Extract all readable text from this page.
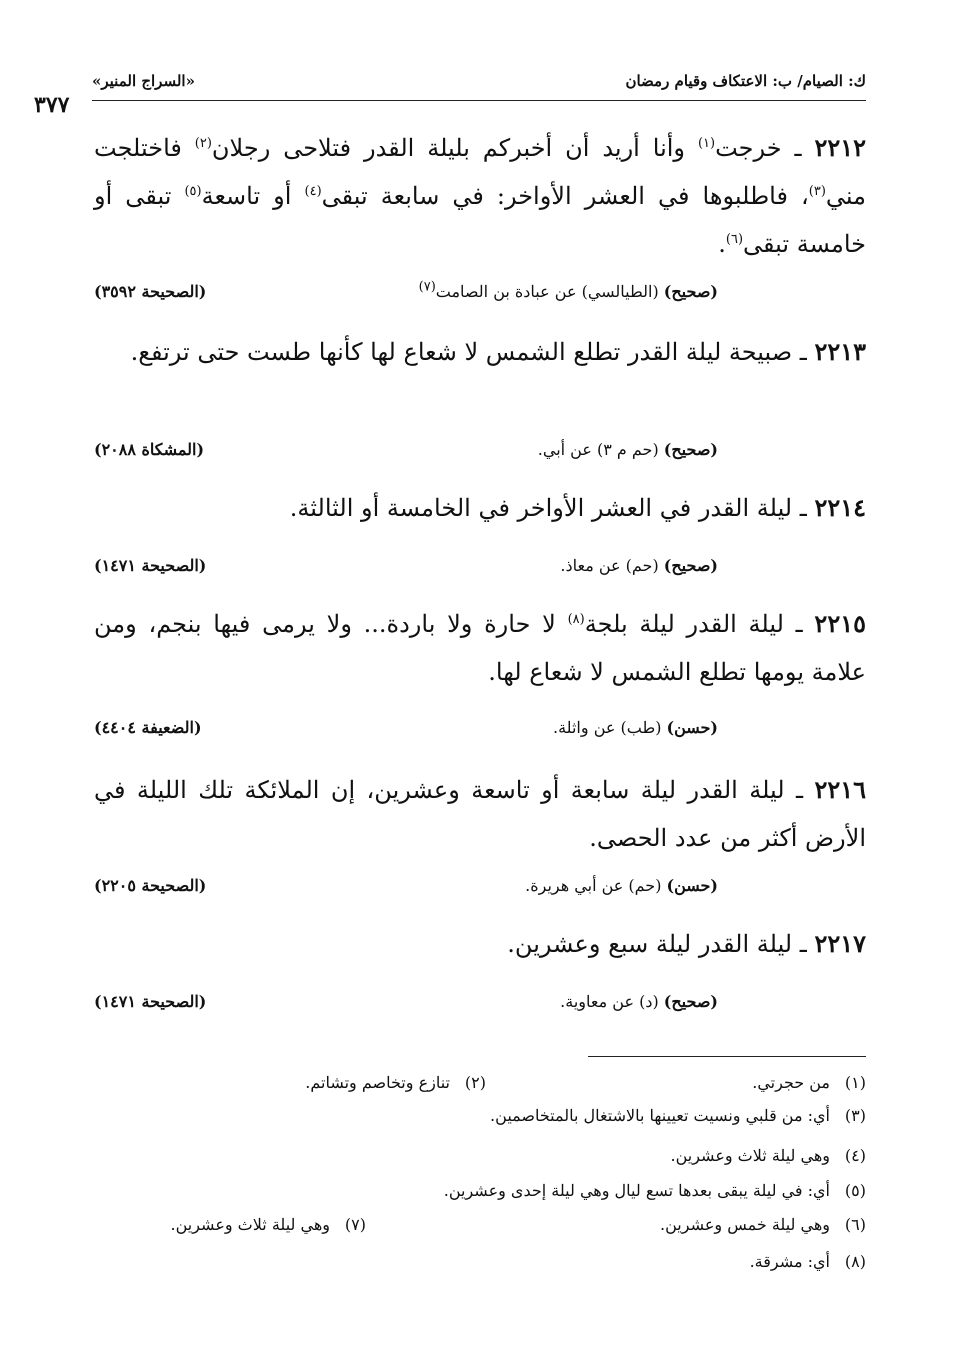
ك: الصيام/ ب: الاعتكاف وقيام رمضان
«السراج المنير»
٣٧٧
٢٢١٢ ـ خرجت$^{(١)}$ وأنا أريد أن أخبركم بليلة القدر فتلاحى رجلان$^{(٢)}$ فاختلجت مني$^{(٣)}$، فاطلبوها في العشر الأواخر: في سابعة تبقى$^{(٤)}$ أو تاسعة$^{(٥)}$ تبقى أو خامسة تبقى$^{(٦)}$.
(صحيح) (الطيالسي) عن عبادة بن الصامت$^{(٧)}$
(الصحيحة ٣٥٩٢)
٢٢١٣ ـ صبيحة ليلة القدر تطلع الشمس لا شعاع لها كأنها طست حتى ترتفع.
(صحيح) (حم م ٣) عن أبي.
(المشكاة ٢٠٨٨)
٢٢١٤ ـ ليلة القدر في العشر الأواخر في الخامسة أو الثالثة.
(صحيح) (حم) عن معاذ.
(الصحيحة ١٤٧١)
٢٢١٥ ـ ليلة القدر ليلة بلجة$^{(٨)}$ لا حارة ولا باردة... ولا يرمى فيها بنجم، ومن علامة يومها تطلع الشمس لا شعاع لها.
(حسن) (طب) عن واثلة.
(الضعيفة ٤٤٠٤)
٢٢١٦ ـ ليلة القدر ليلة سابعة أو تاسعة وعشرين، إن الملائكة تلك الليلة في الأرض أكثر من عدد الحصى.
(حسن) (حم) عن أبي هريرة.
(الصحيحة ٢٢٠٥)
٢٢١٧ ـ ليلة القدر ليلة سبع وعشرين.
(صحيح) (د) عن معاوية.
(الصحيحة ١٤٧١)
(١)من حجرتي.
(٢)تنازع وتخاصم وتشاتم.
(٣)أي: من قلبي ونسيت تعيينها بالاشتغال بالمتخاصمين.
(٤)وهي ليلة ثلاث وعشرين.
(٥)أي: في ليلة يبقى بعدها تسع ليال وهي ليلة إحدى وعشرين.
(٦)وهي ليلة خمس وعشرين.
(٧)وهي ليلة ثلاث وعشرين.
(٨)أي: مشرقة.
